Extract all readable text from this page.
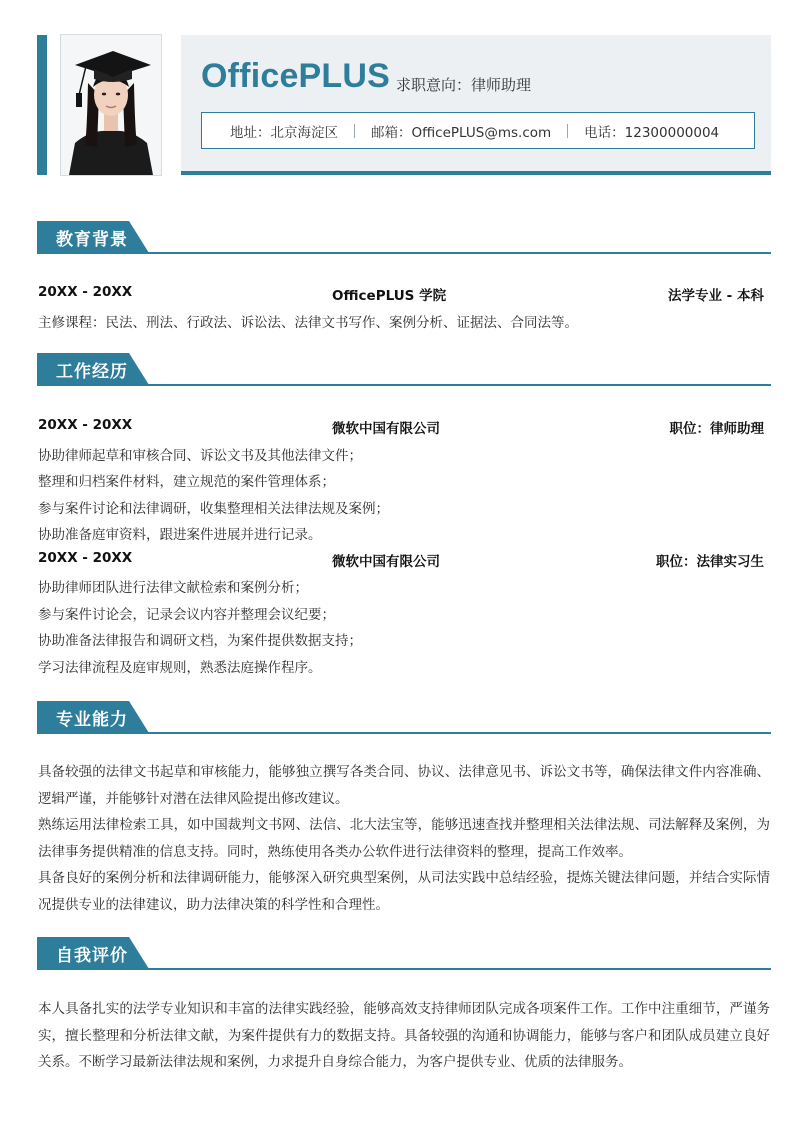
OfficePLUS 求职意向：律师助理
地址：北京海淀区 邮箱：OfficePLUS@ms.com 电话：12300000004
教育背景
20XX - 20XX	OfficePLUS 学院	法学专业 - 本科
主修课程：民法、刑法、行政法、诉讼法、法律文书写作、案例分析、证据法、合同法等。
工作经历
20XX - 20XX	微软中国有限公司	职位：律师助理
协助律师起草和审核合同、诉讼文书及其他法律文件；
整理和归档案件材料，建立规范的案件管理体系；
参与案件讨论和法律调研，收集整理相关法律法规及案例；
协助准备庭审资料，跟进案件进展并进行记录。
20XX - 20XX	微软中国有限公司	职位：法律实习生
协助律师团队进行法律文献检索和案例分析；
参与案件讨论会，记录会议内容并整理会议纪要；
协助准备法律报告和调研文档，为案件提供数据支持；
学习法律流程及庭审规则，熟悉法庭操作程序。
专业能力
具备较强的法律文书起草和审核能力，能够独立撰写各类合同、协议、法律意见书、诉讼文书等，确保法律文件内容准确、逻辑严谨，并能够针对潜在法律风险提出修改建议。
熟练运用法律检索工具，如中国裁判文书网、法信、北大法宝等，能够迅速查找并整理相关法律法规、司法解释及案例，为法律事务提供精准的信息支持。同时，熟练使用各类办公软件进行法律资料的整理，提高工作效率。
具备良好的案例分析和法律调研能力，能够深入研究典型案例，从司法实践中总结经验，提炼关键法律问题，并结合实际情况提供专业的法律建议，助力法律决策的科学性和合理性。
自我评价
本人具备扎实的法学专业知识和丰富的法律实践经验，能够高效支持律师团队完成各项案件工作。工作中注重细节，严谨务实，擅长整理和分析法律文献，为案件提供有力的数据支持。具备较强的沟通和协调能力，能够与客户和团队成员建立良好关系。不断学习最新法律法规和案例，力求提升自身综合能力，为客户提供专业、优质的法律服务。
